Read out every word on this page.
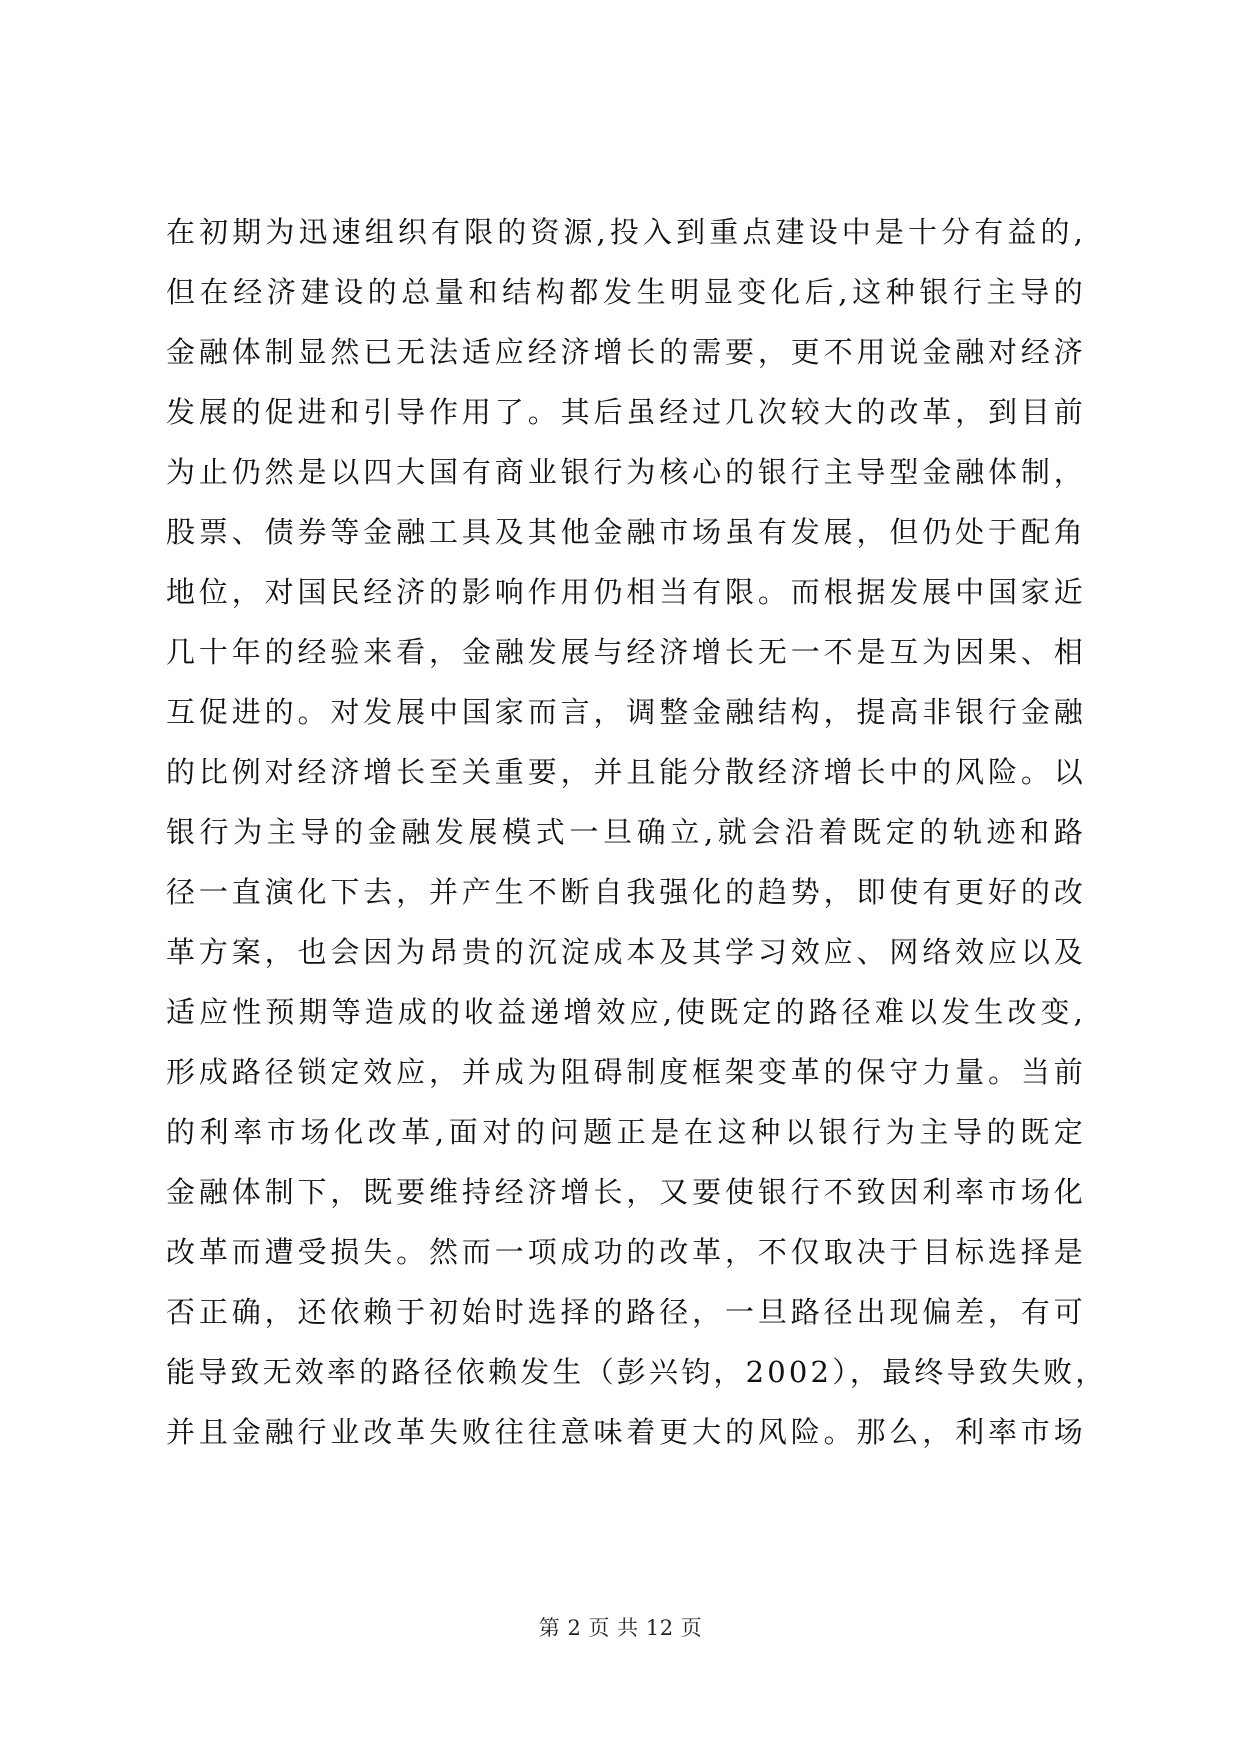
在初期为迅速组织有限的资源,投入到重点建设中是十分有益的,
但在经济建设的总量和结构都发生明显变化后,这种银行主导的
金融体制显然已无法适应经济增长的需要，更不用说金融对经济
发展的促进和引导作用了。其后虽经过几次较大的改革，到目前
为止仍然是以四大国有商业银行为核心的银行主导型金融体制，
股票、债券等金融工具及其他金融市场虽有发展，但仍处于配角
地位，对国民经济的影响作用仍相当有限。而根据发展中国家近
几十年的经验来看，金融发展与经济增长无一不是互为因果、相
互促进的。对发展中国家而言，调整金融结构，提高非银行金融
的比例对经济增长至关重要，并且能分散经济增长中的风险。以
银行为主导的金融发展模式一旦确立,就会沿着既定的轨迹和路
径一直演化下去，并产生不断自我强化的趋势，即使有更好的改
革方案，也会因为昂贵的沉淀成本及其学习效应、网络效应以及
适应性预期等造成的收益递增效应,使既定的路径难以发生改变,
形成路径锁定效应，并成为阻碍制度框架变革的保守力量。当前
的利率市场化改革,面对的问题正是在这种以银行为主导的既定
金融体制下，既要维持经济增长，又要使银行不致因利率市场化
改革而遭受损失。然而一项成功的改革，不仅取决于目标选择是
否正确，还依赖于初始时选择的路径，一旦路径出现偏差，有可
能导致无效率的路径依赖发生（彭兴钧，2002），最终导致失败，
并且金融行业改革失败往往意味着更大的风险。那么，利率市场
第 2 页 共 12 页
